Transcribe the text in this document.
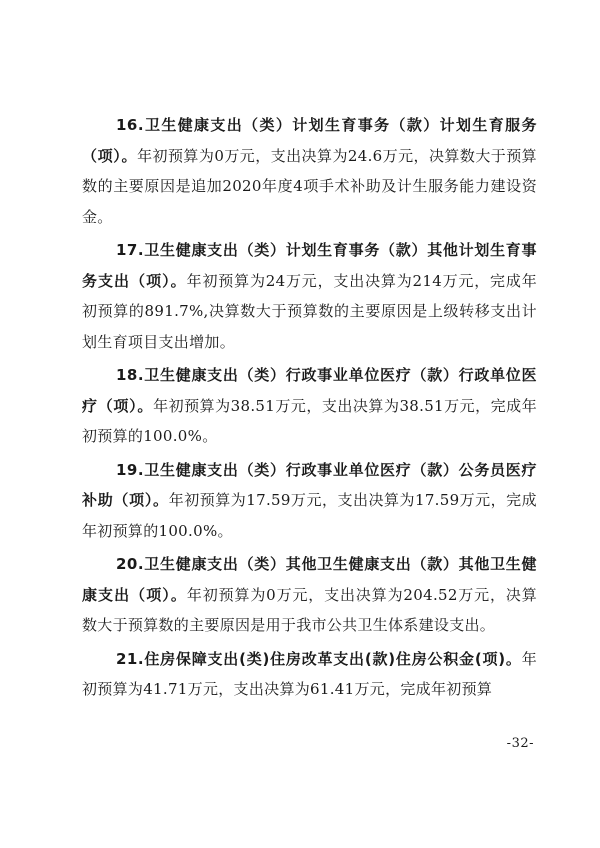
16.卫生健康支出（类）计划生育事务（款）计划生育服务（项）。年初预算为0万元，支出决算为24.6万元，决算数大于预算数的主要原因是追加2020年度4项手术补助及计生服务能力建设资金。

17.卫生健康支出（类）计划生育事务（款）其他计划生育事务支出（项）。年初预算为24万元，支出决算为214万元，完成年初预算的891.7%,决算数大于预算数的主要原因是上级转移支出计划生育项目支出增加。

18.卫生健康支出（类）行政事业单位医疗（款）行政单位医疗（项）。年初预算为38.51万元，支出决算为38.51万元，完成年初预算的100.0%。

19.卫生健康支出（类）行政事业单位医疗（款）公务员医疗补助（项）。年初预算为17.59万元，支出决算为17.59万元，完成年初预算的100.0%。

20.卫生健康支出（类）其他卫生健康支出（款）其他卫生健康支出（项）。年初预算为0万元，支出决算为204.52万元，决算数大于预算数的主要原因是用于我市公共卫生体系建设支出。

21.住房保障支出(类)住房改革支出(款)住房公积金(项)。年初预算为41.71万元，支出决算为61.41万元，完成年初预算

-32-
